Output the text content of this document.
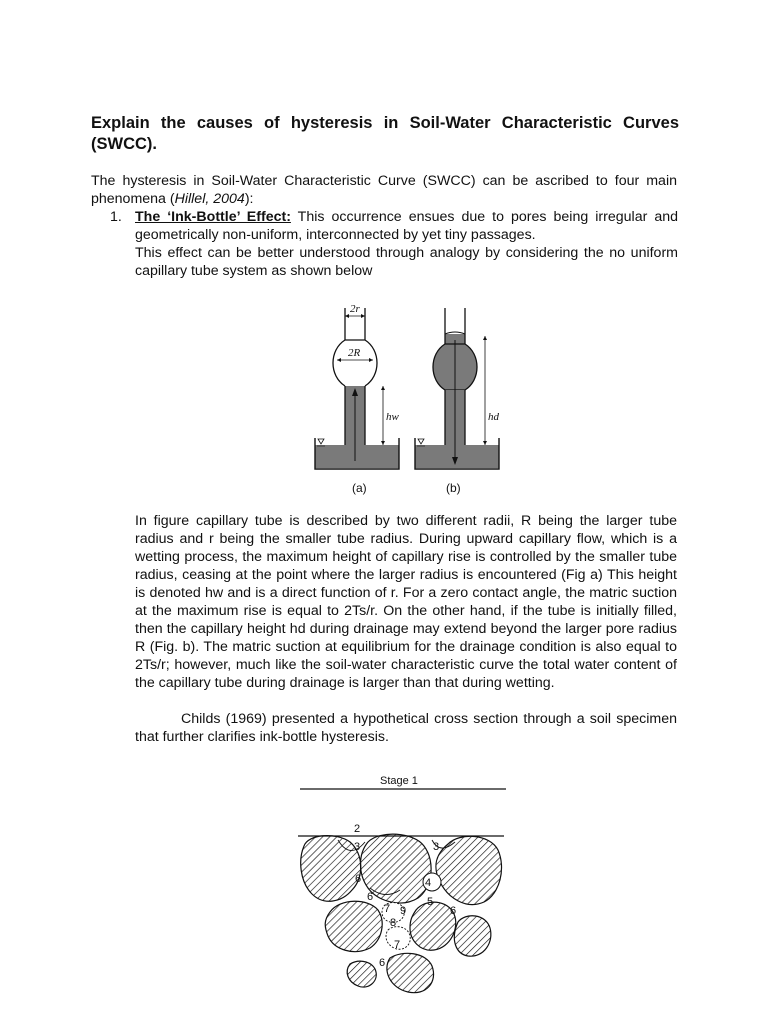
Explain the causes of hysteresis in Soil-Water Characteristic Curves (SWCC).
The hysteresis in Soil-Water Characteristic Curve (SWCC) can be ascribed to four main phenomena (Hillel, 2004):
1. The ‘Ink-Bottle’ Effect: This occurrence ensues due to pores being irregular and geometrically non-uniform, interconnected by yet tiny passages.
This effect can be better understood through analogy by considering the no uniform capillary tube system as shown below
2r
2R
hw	hd
(a)	(b)
In figure capillary tube is described by two different radii, R being the larger tube radius and r being the smaller tube radius. During upward capillary flow, which is a wetting process, the maximum height of capillary rise is controlled by the smaller tube radius, ceasing at the point where the larger radius is encountered (Fig a) This height is denoted hw and is a direct function of r. For a zero contact angle, the matric suction at the maximum rise is equal to 2Ts/r. On the other hand, if the tube is initially filled, then the capillary height hd during drainage may extend beyond the larger pore radius R (Fig. b). The matric suction at equilibrium for the drainage condition is also equal to 2Ts/r; however, much like the soil-water characteristic curve the total water content of the capillary tube during drainage is larger than that during wetting.
Childs (1969) presented a hypothetical cross section through a soil specimen that further clarifies ink-bottle hysteresis.
Stage 1
2
3	3
6	4
6	5
7 9	6
8
7
6
